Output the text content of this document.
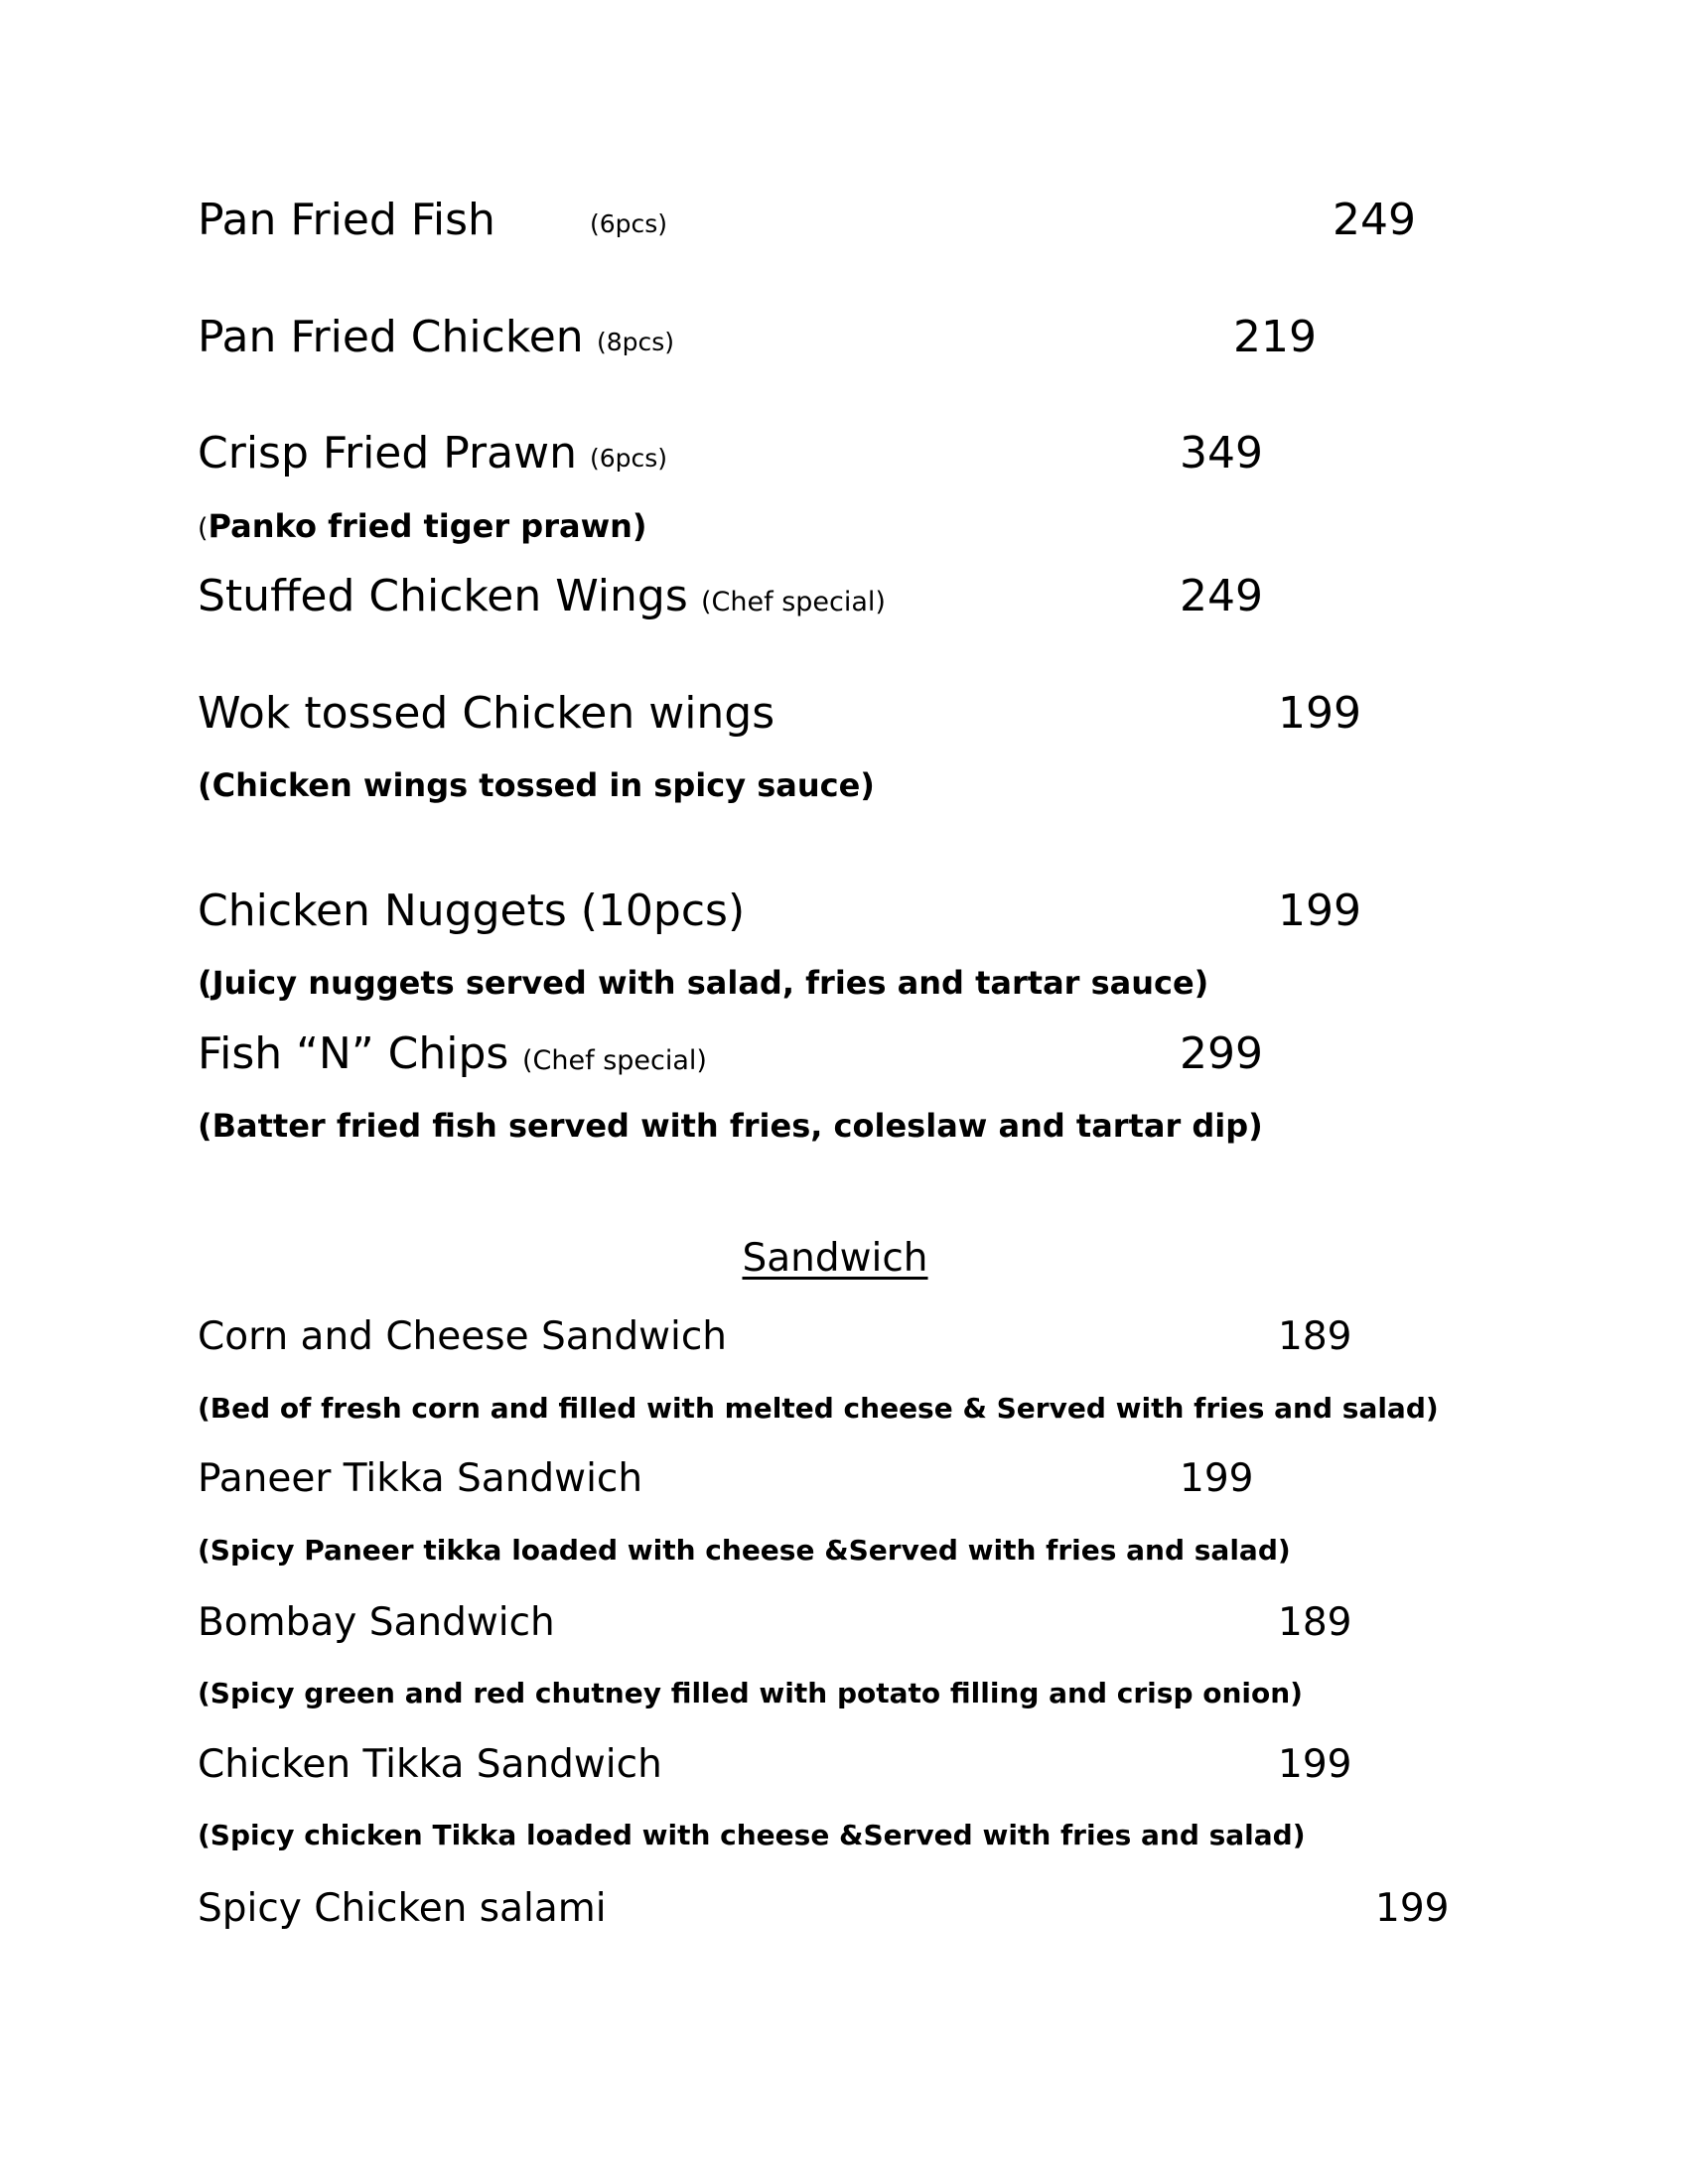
Pan Fried Fish	(6pcs)	249
Pan Fried Chicken (8pcs)	219
Crisp Fried Prawn (6pcs)	349
(Panko fried tiger prawn)
Stuffed Chicken Wings (Chef special)	249
Wok tossed Chicken wings	199
(Chicken wings tossed in spicy sauce)
Chicken Nuggets (10pcs)	199
(Juicy nuggets served with salad, fries and tartar sauce)
Fish “N” Chips (Chef special)	299
(Batter fried fish served with fries, coleslaw and tartar dip)
Sandwich
Corn and Cheese Sandwich	189
(Bed of fresh corn and filled with melted cheese & Served with fries and salad)
Paneer Tikka Sandwich	199
(Spicy Paneer tikka loaded with cheese &Served with fries and salad)
Bombay Sandwich	189
(Spicy green and red chutney filled with potato filling and crisp onion)
Chicken Tikka Sandwich	199
(Spicy chicken Tikka loaded with cheese &Served with fries and salad)
Spicy Chicken salami	199
